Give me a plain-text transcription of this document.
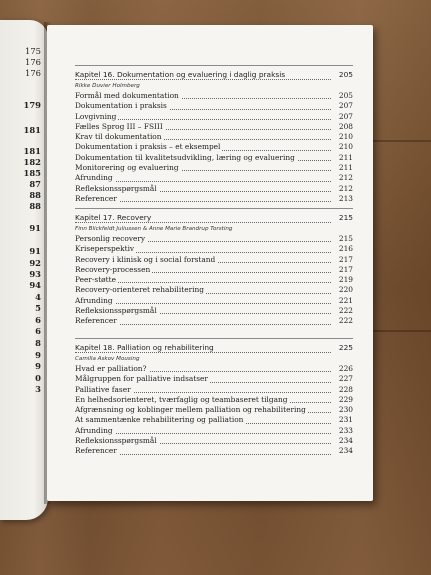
175
176
176
179
181
181
182
185
87
88
88
91
91
92
93
94
4
5
6
6
8
9
9
0
3
Kapitel 16. Dokumentation og evaluering i daglig praksis	205
Rikke Duvier Holmberg
Formål med dokumentation	205
Dokumentation i praksis	207
Lovgivning	207
Fælles Sprog III – FSIII	208
Krav til dokumentation	210
Dokumentation i praksis – et eksempel	210
Dokumentation til kvalitetsudvikling, læring og evaluering	211
Monitorering og evaluering	211
Afrunding	212
Refleksionsspørgsmål	212
Referencer	213
Kapitel 17. Recovery	215
Finn Blickfeldt Juliussen & Anne Marie Brandrup Torsting
Personlig recovery	215
Kriseperspektiv	216
Recovery i klinisk og i social forstand	217
Recovery-processen	217
Peer-støtte	219
Recovery-orienteret rehabilitering	220
Afrunding	221
Refleksionsspørgsmål	222
Referencer	222
Kapitel 18. Palliation og rehabilitering	225
Camilla Askov Mousing
Hvad er palliation?	226
Målgruppen for palliative indsatser	227
Palliative faser	228
En helhedsorienteret, tværfaglig og teambaseret tilgang	229
Afgrænsning og koblinger mellem palliation og rehabilitering	230
At sammentænke rehabilitering og palliation	231
Afrunding	233
Refleksionsspørgsmål	234
Referencer	234
